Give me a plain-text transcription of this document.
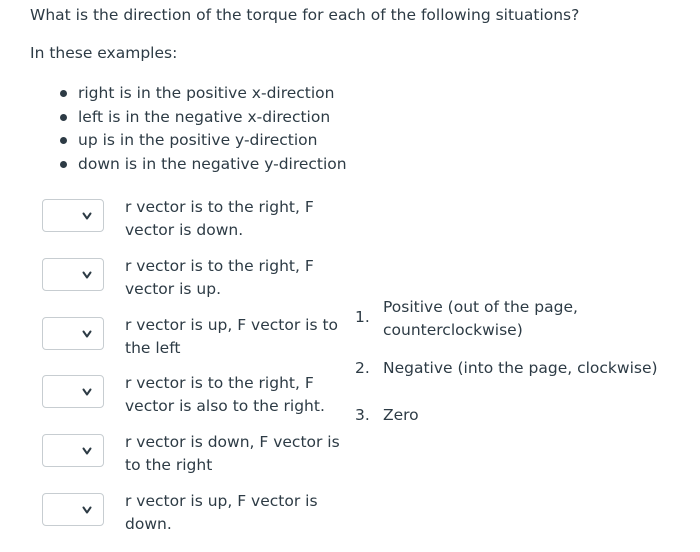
What is the direction of the torque for each of the following situations?
In these examples:
right is in the positive x-direction
left is in the negative x-direction
up is in the positive y-direction
down is in the negative y-direction
r vector is to the right, F vector is down.
r vector is to the right, F vector is up.
r vector is up, F vector is to the left
r vector is to the right, F vector is also to the right.
r vector is down, F vector is to the right
r vector is up, F vector is down.
1.
Positive (out of the page, counterclockwise)
2. Negative (into the page, clockwise)
3. Zero
